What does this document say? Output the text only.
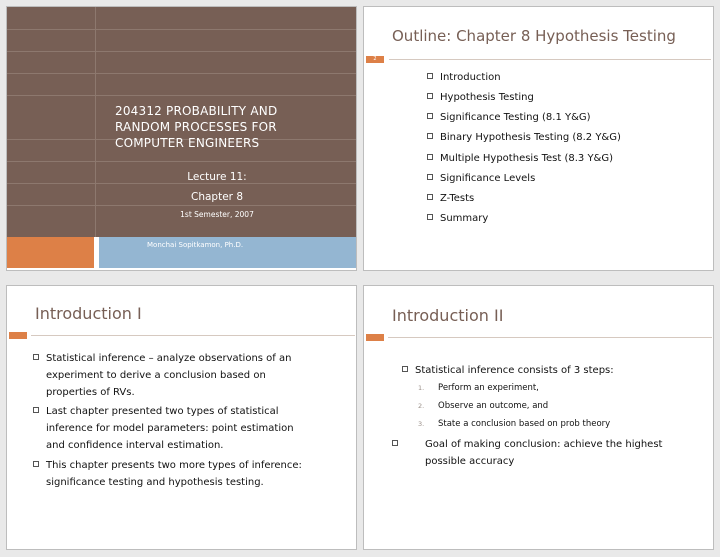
204312 PROBABILITY AND
RANDOM PROCESSES FOR
COMPUTER ENGINEERS
Lecture 11:
Chapter 8
1st Semester, 2007
Monchai Sopitkamon, Ph.D.
Outline: Chapter 8 Hypothesis Testing
2
Introduction
Hypothesis Testing
Significance Testing (8.1 Y&G)
Binary Hypothesis Testing (8.2 Y&G)
Multiple Hypothesis Test (8.3 Y&G)
Significance Levels
Z-Tests
Summary
Introduction I
Statistical inference – analyze observations of an
experiment to derive a conclusion based on
properties of RVs.
Last chapter presented two types of statistical
inference for model parameters: point estimation
and confidence interval estimation.
This chapter presents two more types of inference:
significance testing and hypothesis testing.
Introduction II
Statistical inference consists of 3 steps:
1. Perform an experiment,
2. Observe an outcome, and
3. State a conclusion based on prob theory
Goal of making conclusion: achieve the highest
possible accuracy
